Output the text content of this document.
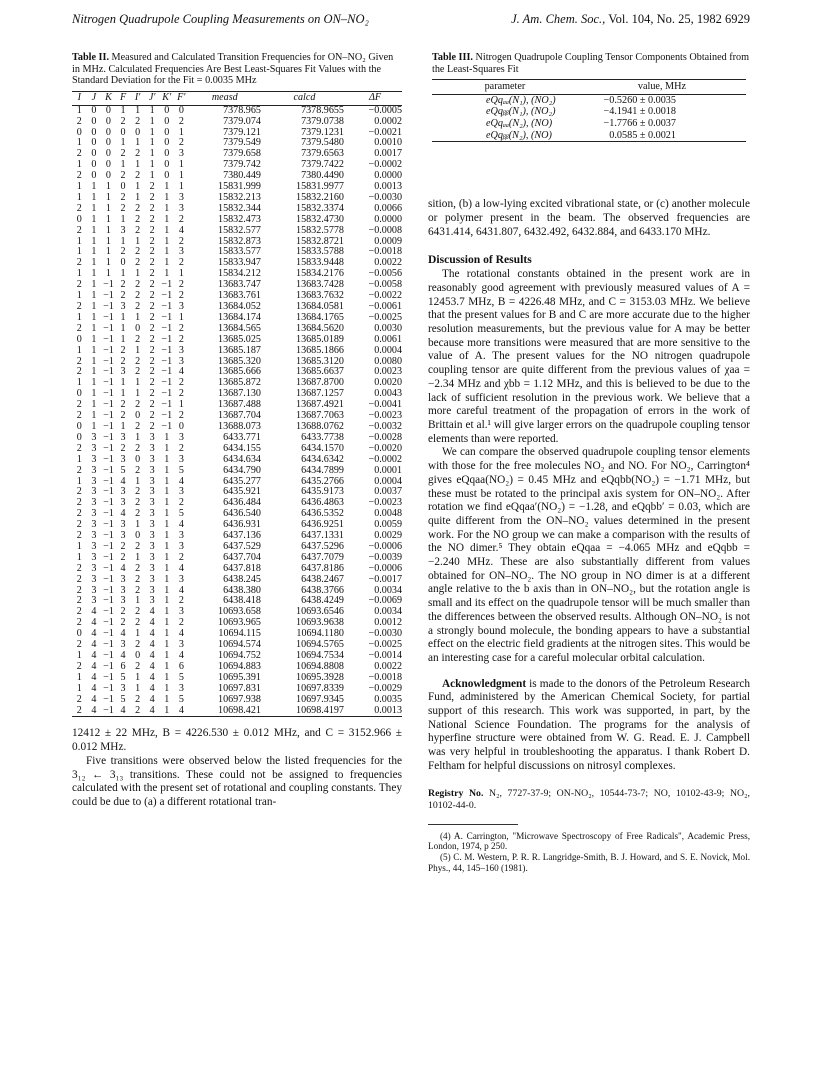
Nitrogen Quadrupole Coupling Measurements on ON–NO₂	J. Am. Chem. Soc., Vol. 104, No. 25, 1982 6929
Table II. Measured and Calculated Transition Frequencies for ON–NO₂ Given in MHz. Calculated Frequencies Are Best Least-Squares Fit Values with the Standard Deviation for the Fit = 0.0035 MHz
I	J	K	F	I′	J′	K′	F′	measd	calcd	ΔF
1	0	0	1	1	1	0	0	7378.965	7378.9655	−0.0005
2	0	0	2	2	1	0	2	7379.074	7379.0738	0.0002
0	0	0	0	0	1	0	1	7379.121	7379.1231	−0.0021
1	0	0	1	1	1	0	2	7379.549	7379.5480	0.0010
2	0	0	2	2	1	0	3	7379.658	7379.6563	0.0017
1	0	0	1	1	1	0	1	7379.742	7379.7422	−0.0002
2	0	0	2	2	1	0	1	7380.449	7380.4490	0.0000
1	1	1	0	1	2	1	1	15831.999	15831.9977	0.0013
1	1	1	2	1	2	1	3	15832.213	15832.2160	−0.0030
2	1	1	2	2	2	1	3	15832.344	15832.3374	0.0066
0	1	1	1	2	2	1	2	15832.473	15832.4730	0.0000
2	1	1	3	2	2	1	4	15832.577	15832.5778	−0.0008
1	1	1	1	1	2	1	2	15832.873	15832.8721	0.0009
1	1	1	2	2	2	1	3	15833.577	15833.5788	−0.0018
2	1	1	0	2	2	1	2	15833.947	15833.9448	0.0022
1	1	1	1	1	2	1	1	15834.212	15834.2176	−0.0056
2	1	−1	2	2	2	−1	2	13683.747	13683.7428	−0.0058
1	1	−1	2	2	2	−1	2	13683.761	13683.7632	−0.0022
2	1	−1	3	2	2	−1	3	13684.052	13684.0581	−0.0061
1	1	−1	1	1	2	−1	1	13684.174	13684.1765	−0.0025
2	1	−1	1	0	2	−1	2	13684.565	13684.5620	0.0030
0	1	−1	1	2	2	−1	2	13685.025	13685.0189	0.0061
1	1	−1	2	1	2	−1	3	13685.187	13685.1866	0.0004
2	1	−1	2	2	2	−1	3	13685.320	13685.3120	0.0080
2	1	−1	3	2	2	−1	4	13685.666	13685.6637	0.0023
1	1	−1	1	1	2	−1	2	13685.872	13687.8700	0.0020
0	1	−1	1	1	2	−1	2	13687.130	13687.1257	0.0043
2	1	−1	2	2	2	−1	1	13687.488	13687.4921	−0.0041
2	1	−1	2	0	2	−1	2	13687.704	13687.7063	−0.0023
0	1	−1	1	2	2	−1	0	13688.073	13688.0762	−0.0032
0	3	−1	3	1	3	1	3	6433.771	6433.7738	−0.0028
2	3	−1	2	2	3	1	2	6434.155	6434.1570	−0.0020
1	3	−1	3	0	3	1	3	6434.634	6434.6342	−0.0002
2	3	−1	5	2	3	1	5	6434.790	6434.7899	0.0001
1	3	−1	4	1	3	1	4	6435.277	6435.2766	0.0004
2	3	−1	3	2	3	1	3	6435.921	6435.9173	0.0037
2	3	−1	3	2	3	1	2	6436.484	6436.4863	−0.0023
2	3	−1	4	2	3	1	5	6436.540	6436.5352	0.0048
2	3	−1	3	1	3	1	4	6436.931	6436.9251	0.0059
2	3	−1	3	0	3	1	3	6437.136	6437.1331	0.0029
1	3	−1	2	2	3	1	3	6437.529	6437.5296	−0.0006
1	3	−1	2	1	3	1	2	6437.704	6437.7079	−0.0039
2	3	−1	4	2	3	1	4	6437.818	6437.8186	−0.0006
2	3	−1	3	2	3	1	3	6438.245	6438.2467	−0.0017
2	3	−1	3	2	3	1	4	6438.380	6438.3766	0.0034
2	3	−1	3	1	3	1	2	6438.418	6438.4249	−0.0069
2	4	−1	2	2	4	1	3	10693.658	10693.6546	0.0034
2	4	−1	2	2	4	1	2	10693.965	10693.9638	0.0012
0	4	−1	4	1	4	1	4	10694.115	10694.1180	−0.0030
2	4	−1	3	2	4	1	3	10694.574	10694.5765	−0.0025
1	4	−1	4	0	4	1	4	10694.752	10694.7534	−0.0014
2	4	−1	6	2	4	1	6	10694.883	10694.8808	0.0022
1	4	−1	5	1	4	1	5	10695.391	10695.3928	−0.0018
1	4	−1	3	1	4	1	3	10697.831	10697.8339	−0.0029
2	4	−1	5	2	4	1	5	10697.938	10697.9345	0.0035
2	4	−1	4	2	4	1	4	10698.421	10698.4197	0.0013

12412 ± 22 MHz, B = 4226.530 ± 0.012 MHz, and C = 3152.966 ± 0.012 MHz.

Five transitions were observed below the listed frequencies for the 3₁₂ ← 3₁₃ transitions. These could not be assigned to frequencies calculated with the present set of rotational and coupling constants. They could be due to (a) a different rotational tran-

Table III. Nitrogen Quadrupole Coupling Tensor Components Obtained from the Least-Squares Fit
parameter	value, MHz
eQqₐₐ(N₁), (NO₂)	−0.5260 ± 0.0035
eQqᵦᵦ(N₁), (NO₂)	−4.1941 ± 0.0018
eQqₐₐ(N₂), (NO)	−1.7766 ± 0.0037
eQqᵦᵦ(N₂), (NO)	0.0585 ± 0.0021

sition, (b) a low-lying excited vibrational state, or (c) another molecule or polymer present in the beam. The observed frequencies are 6431.414, 6431.807, 6432.492, 6432.884, and 6433.170 MHz.

Discussion of Results

The rotational constants obtained in the present work are in reasonably good agreement with previously measured values of A = 12453.7 MHz, B = 4226.48 MHz, and C = 3153.03 MHz. We believe that the present values for B and C are more accurate due to the higher resolution measurements, but the previous value for A may be better because more transitions were measured that are more sensitive to the value of A. The present values for the NO nitrogen quadrupole coupling tensor are quite different from the previous values of χaa = −2.34 MHz and χbb = 1.12 MHz, and this is believed to be due to the lack of sufficient resolution in the previous work. We believe that a more careful treatment of the propagation of errors in the work of Brittain et al.¹ will give larger errors on the quadrupole coupling tensor elements than were reported.

We can compare the observed quadrupole coupling tensor elements with those for the free molecules NO₂ and NO. For NO₂, Carrington⁴ gives eQqaa(NO₂) = 0.45 MHz and eQqbb(NO₂) = −1.71 MHz, but these must be rotated to the principal axis system for ON–NO₂. After rotation we find eQqaa′(NO₂) = −1.28, and eQqbb′ = 0.03, which are quite different from the ON–NO₂ values determined in the present work. For the NO group we can make a comparison with the results of the NO dimer.⁵ They obtain eQqaa = −4.065 MHz and eQqbb = −2.240 MHz. These are also substantially different from values obtained for ON–NO₂. The NO group in NO dimer is at a different angle relative to the b axis than in ON–NO₂, but the rotation angle is small and its effect on the quadrupole tensor will be much smaller than the differences between the observed results. Although ON–NO₂ is not a strongly bound molecule, the bonding appears to have a substantial effect on the electric field gradients at the nitrogen sites. This would be an interesting case for a careful molecular orbital calculation.

Acknowledgment is made to the donors of the Petroleum Research Fund, administered by the American Chemical Society, for partial support of this research. This work was supported, in part, by the National Science Foundation. The programs for the analysis of hyperfine structure were obtained from W. G. Read. E. J. Campbell was very helpful in troubleshooting the apparatus. I thank Robert D. Feltham for helpful discussions on nitrosyl complexes.

Registry No. N₂, 7727-37-9; ON-NO₂, 10544-73-7; NO, 10102-43-9; NO₂, 10102-44-0.

(4) A. Carrington, "Microwave Spectroscopy of Free Radicals", Academic Press, London, 1974, p 250.

(5) C. M. Western, P. R. R. Langridge-Smith, B. J. Howard, and S. E. Novick, Mol. Phys., 44, 145–160 (1981).
